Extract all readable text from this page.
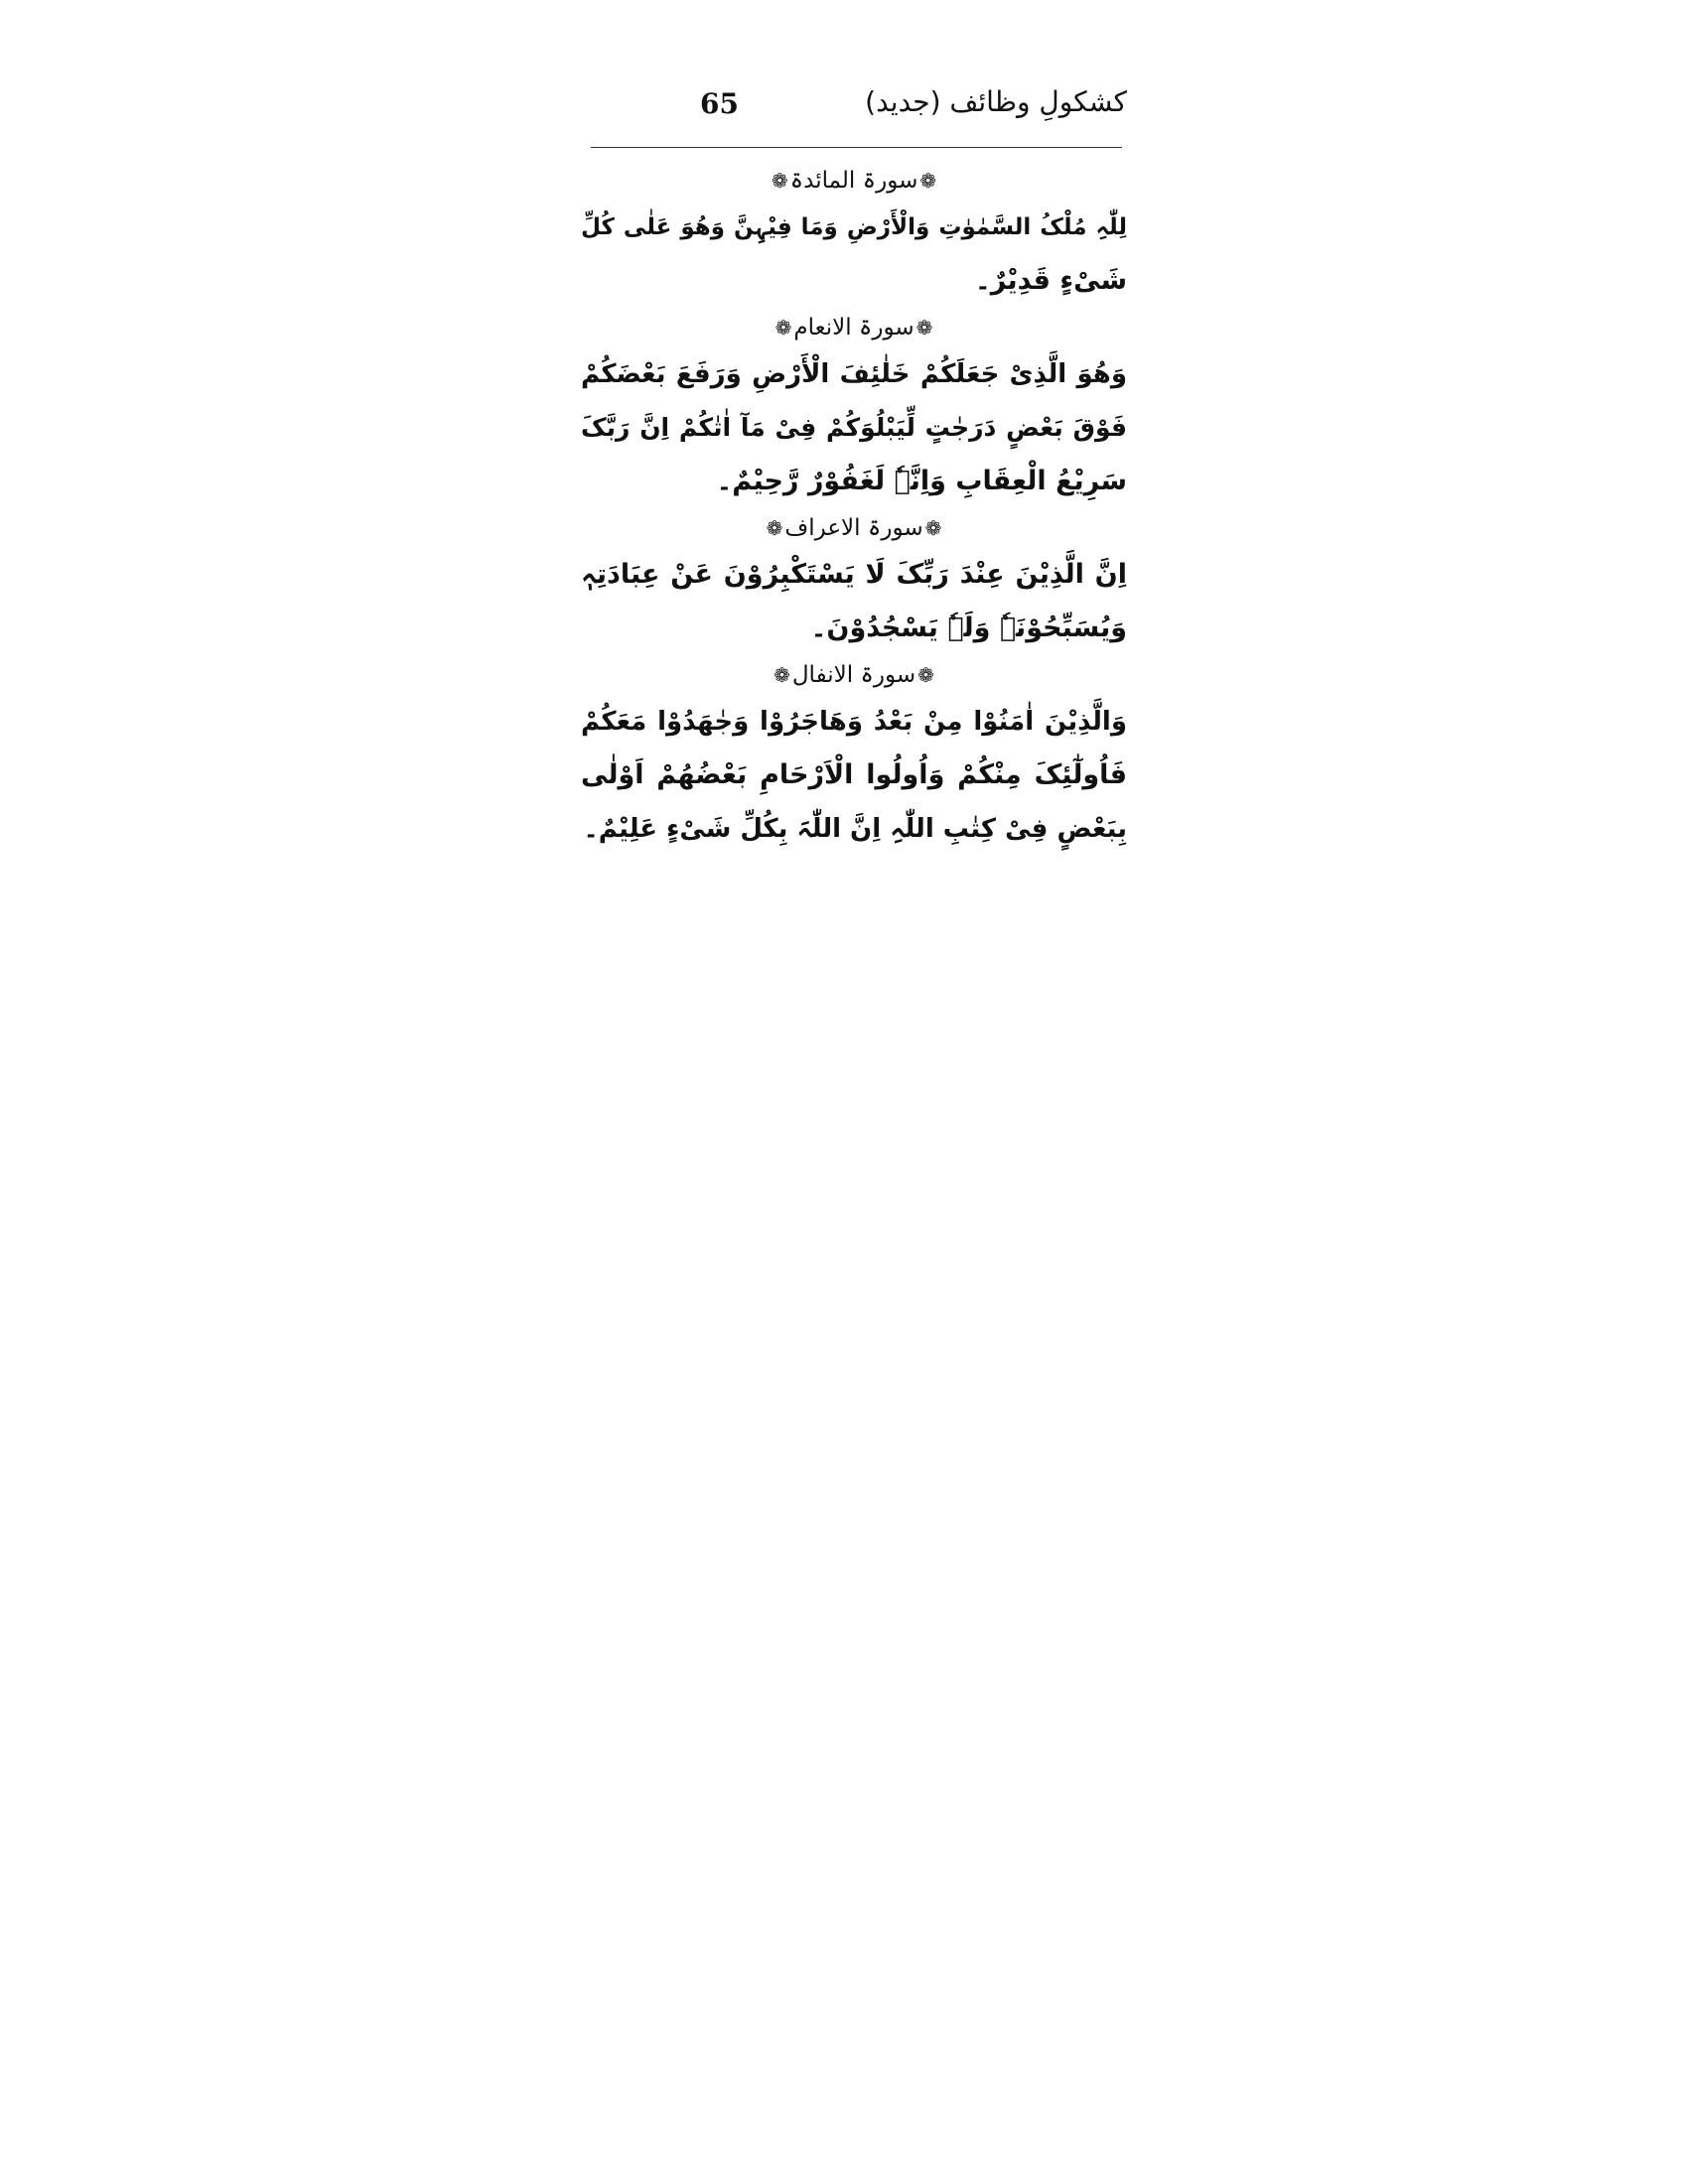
65	کشکولِ وظائف (جدید)
❁سورۃ المائدۃ❁
لِلّٰہِ مُلْکُ السَّمٰوٰتِ وَالْأَرْضِ وَمَا فِیْہِنَّ وَھُوَ عَلٰی کُلِّ
شَیْءٍ قَدِیْرٌ۔
❁سورۃ الانعام❁
وَھُوَ الَّذِیْ جَعَلَکُمْ خَلٰئِفَ الْأَرْضِ وَرَفَعَ بَعْضَکُمْ
فَوْقَ بَعْضٍ دَرَجٰتٍ لِّیَبْلُوَکُمْ فِیْ مَآ اٰتٰکُمْ اِنَّ رَبَّکَ
سَرِیْعُ الْعِقَابِ وَاِنَّہٗ لَغَفُوْرٌ رَّحِیْمٌ۔
❁سورۃ الاعراف❁
اِنَّ الَّذِیْنَ عِنْدَ رَبِّکَ لَا یَسْتَکْبِرُوْنَ عَنْ عِبَادَتِہٖ
وَیُسَبِّحُوْنَہٗ وَلَہٗ یَسْجُدُوْنَ۔
❁سورۃ الانفال❁
وَالَّذِیْنَ اٰمَنُوْا مِنْ بَعْدُ وَھَاجَرُوْا وَجٰھَدُوْا مَعَکُمْ
فَاُولٰٓئِکَ مِنْکُمْ وَاُولُوا الْاَرْحَامِ بَعْضُھُمْ اَوْلٰی
بِبَعْضٍ فِیْ کِتٰبِ اللّٰہِ اِنَّ اللّٰہَ بِکُلِّ شَیْءٍ عَلِیْمٌ۔
